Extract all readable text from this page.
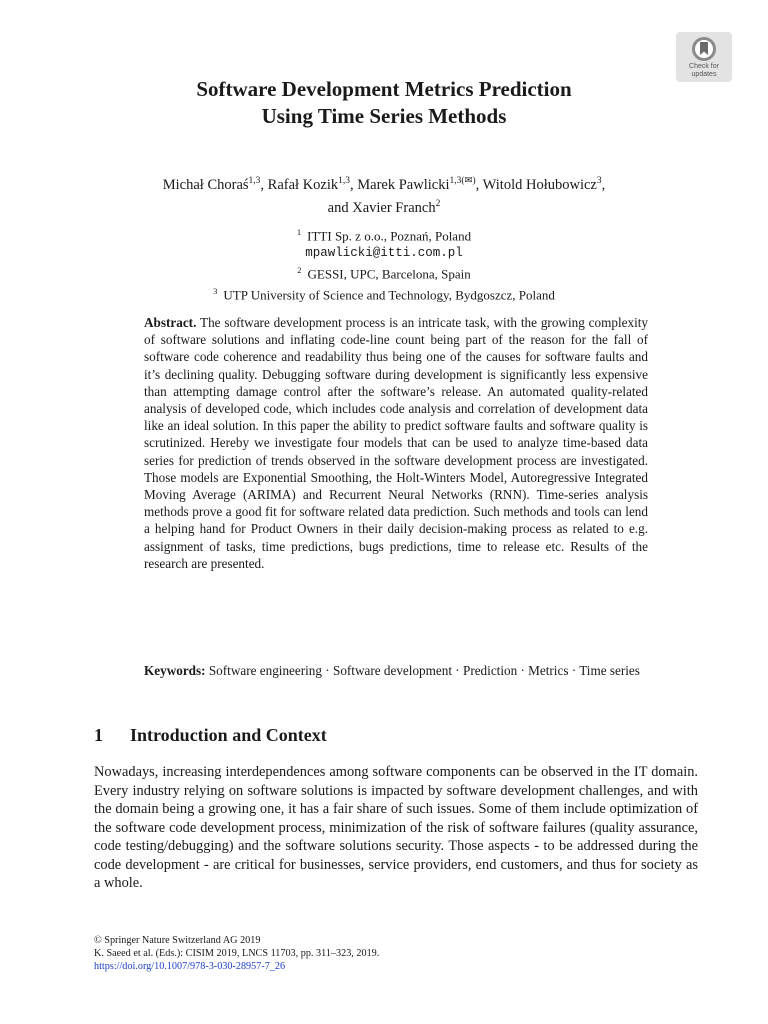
Check for
updates
Software Development Metrics Prediction
Using Time Series Methods
Michał Choraś$^{1,3}$, Rafał Kozik$^{1,3}$, Marek Pawlicki$^{1,3(✉)}$, Witold Hołubowicz$^3$,
and Xavier Franch$^2$
$^1$ ITTI Sp. z o.o., Poznań, Poland
mpawlicki@itti.com.pl
$^2$ GESSI, UPC, Barcelona, Spain
$^3$ UTP University of Science and Technology, Bydgoszcz, Poland

Abstract. The software development process is an intricate task, with the growing complexity of software solutions and inflating code-line count being part of the reason for the fall of software code coherence and readability thus being one of the causes for software faults and it’s declining quality. Debugging software during development is significantly less expensive than attempting damage control after the software’s release. An automated quality-related analysis of developed code, which includes code analysis and correlation of development data like an ideal solution. In this paper the ability to predict software faults and software quality is scrutinized. Hereby we investigate four models that can be used to analyze time-based data series for prediction of trends observed in the software development process are investigated. Those models are Exponential Smoothing, the Holt-Winters Model, Autoregressive Integrated Moving Average (ARIMA) and Recurrent Neural Networks (RNN). Time-series analysis methods prove a good fit for software related data prediction. Such methods and tools can lend a helping hand for Product Owners in their daily decision-making process as related to e.g. assignment of tasks, time predictions, bugs predictions, time to release etc. Results of the research are presented.

Keywords: Software engineering · Software development · Prediction · Metrics · Time series

1 Introduction and Context

Nowadays, increasing interdependences among software components can be observed in the IT domain. Every industry relying on software solutions is impacted by software development challenges, and with the domain being a growing one, it has a fair share of such issues. Some of them include optimization of the software code development process, minimization of the risk of software failures (quality assurance, code testing/debugging) and the software solutions security. Those aspects - to be addressed during the code development - are critical for businesses, service providers, end customers, and thus for society as a whole.

© Springer Nature Switzerland AG 2019
K. Saeed et al. (Eds.): CISIM 2019, LNCS 11703, pp. 311–323, 2019.
https://doi.org/10.1007/978-3-030-28957-7_26
